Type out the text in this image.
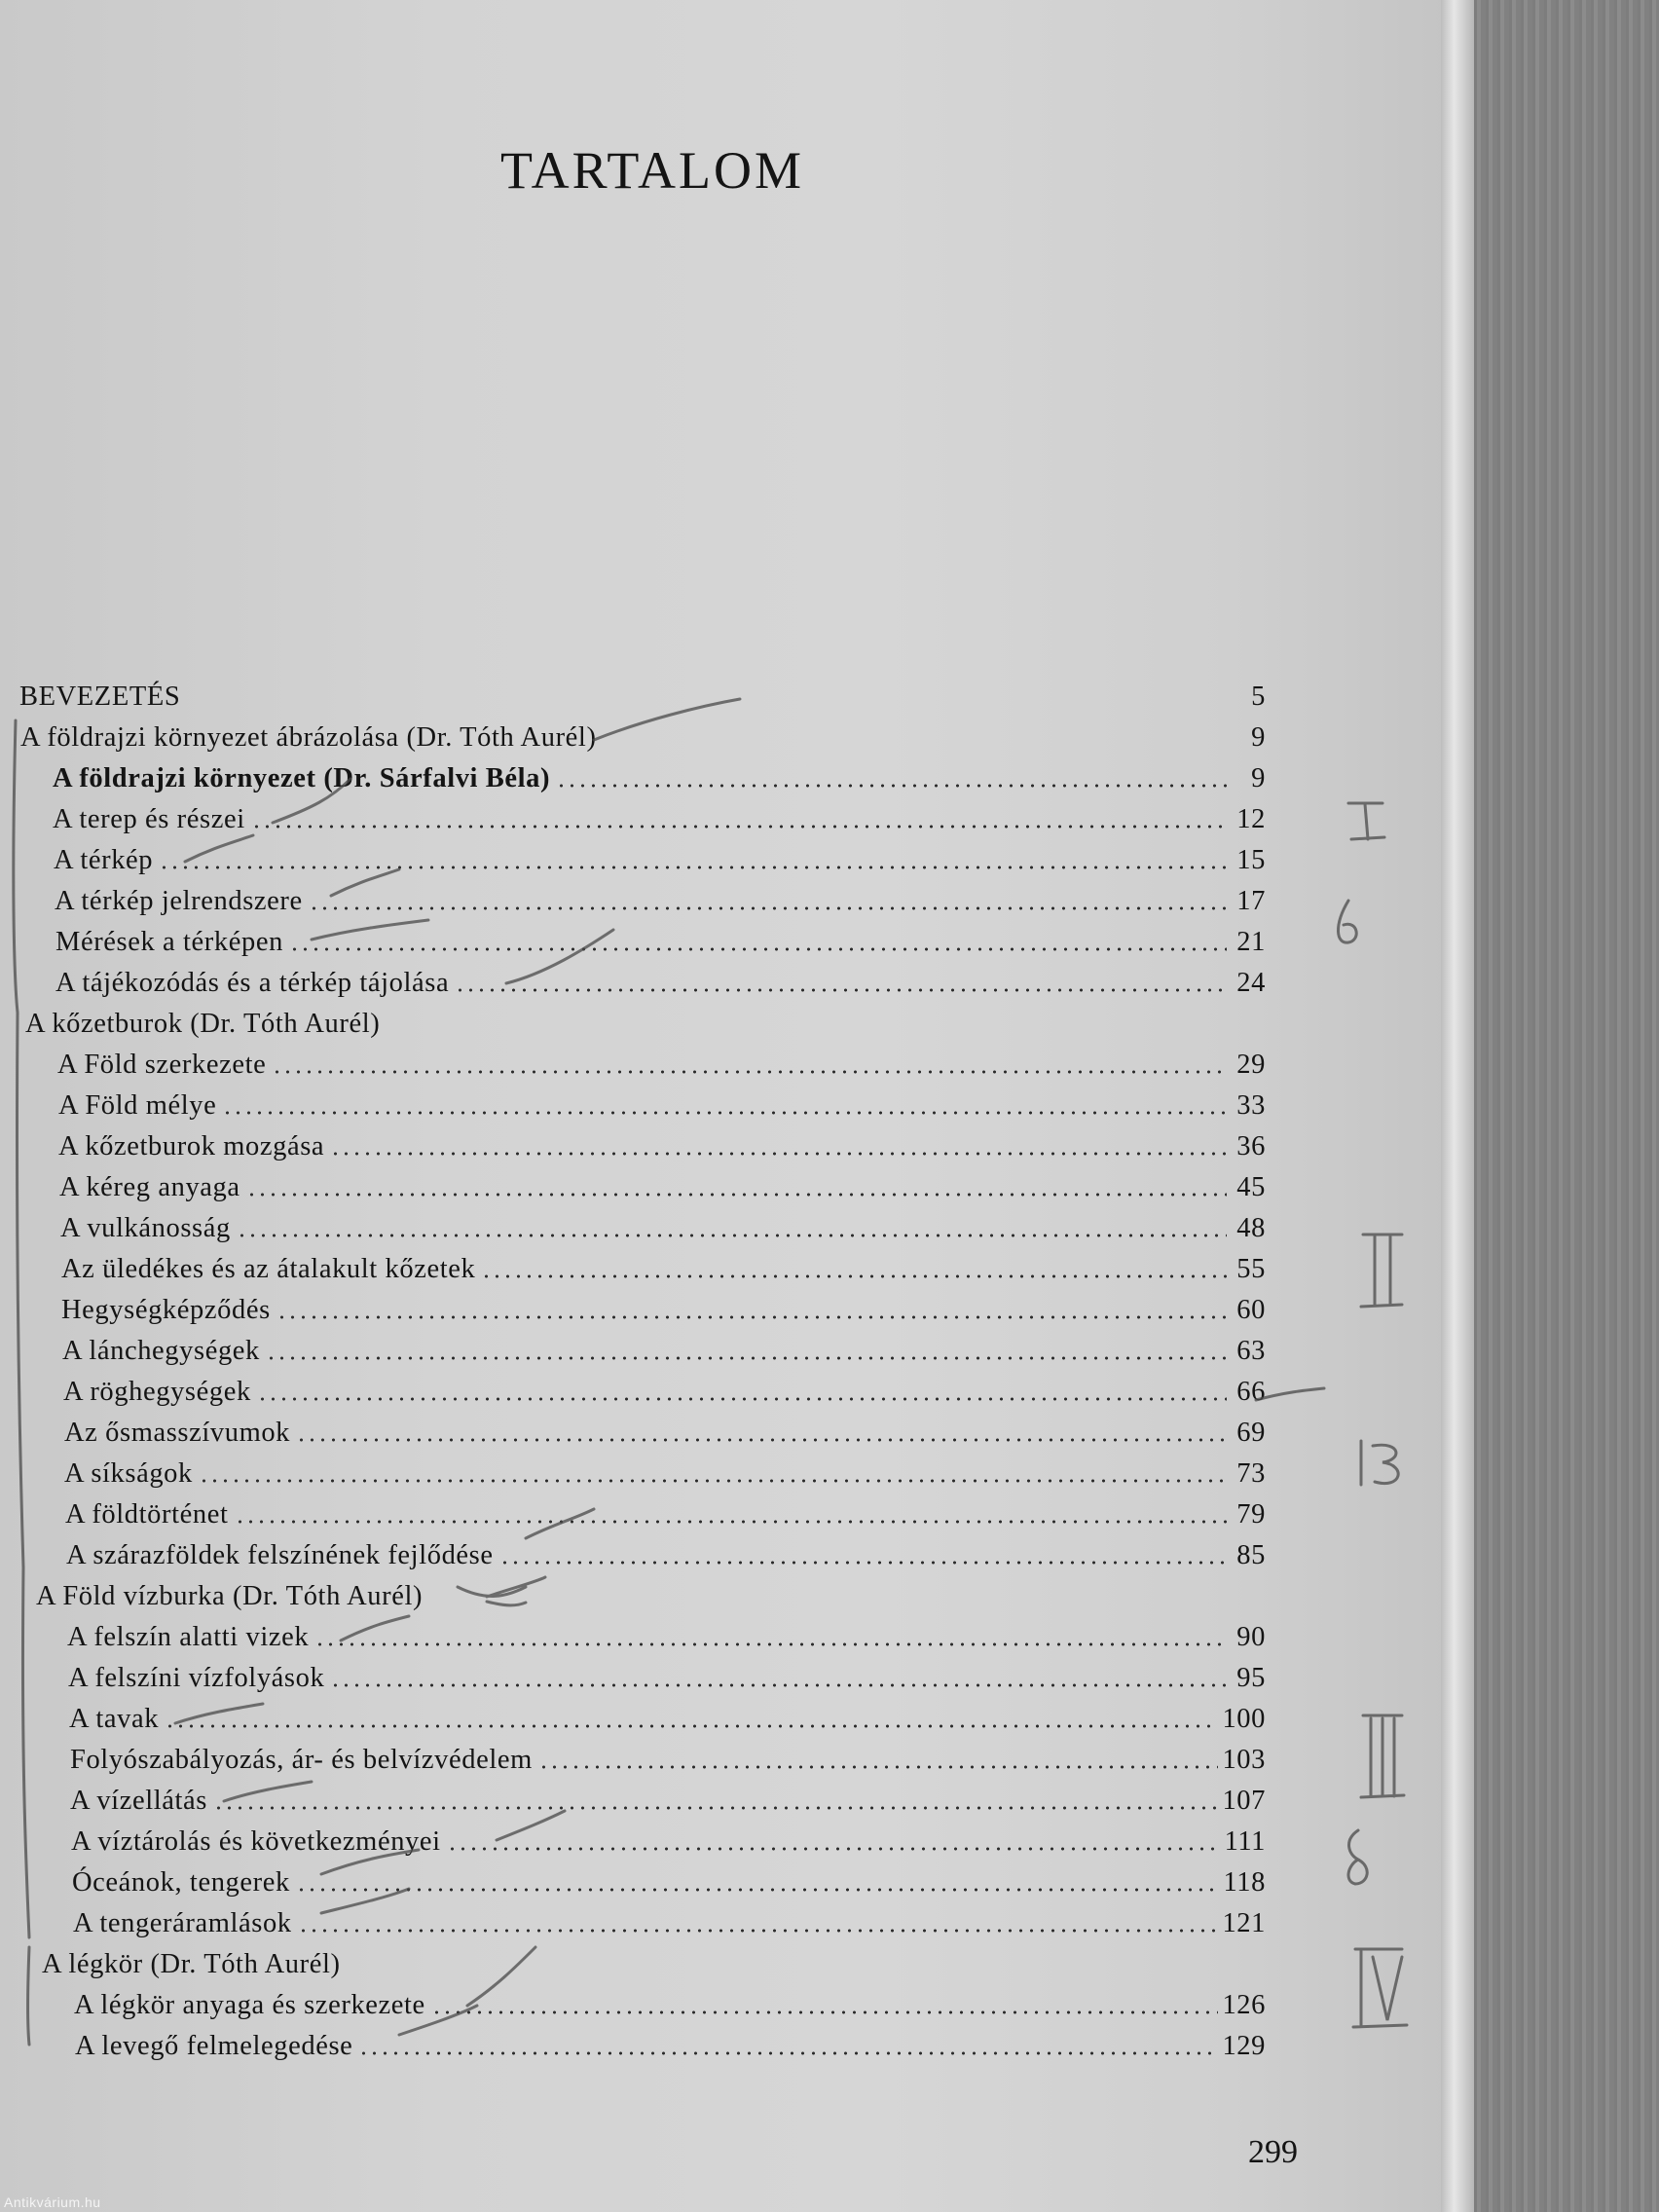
TARTALOM
BEVEZETÉS	5
A földrajzi környezet ábrázolása (Dr. Tóth Aurél)	9
A földrajzi környezet (Dr. Sárfalvi Béla)	9
A terep és részei	12
A térkép	15
A térkép jelrendszere	17
Mérések a térképen	21
A tájékozódás és a térkép tájolása	24
A kőzetburok (Dr. Tóth Aurél)
A Föld szerkezete	29
A Föld mélye	33
A kőzetburok mozgása	36
A kéreg anyaga	45
A vulkánosság	48
Az üledékes és az átalakult kőzetek	55
Hegységképződés	60
A lánchegységek	63
A röghegységek	66
Az ősmasszívumok	69
A síkságok	73
A földtörténet	79
A szárazföldek felszínének fejlődése	85
A Föld vízburka (Dr. Tóth Aurél)
A felszín alatti vizek	90
A felszíni vízfolyások	95
A tavak	100
Folyószabályozás, ár- és belvízvédelem	103
A vízellátás	107
A víztárolás és következményei	111
Óceánok, tengerek	118
A tengeráramlások	121
A légkör (Dr. Tóth Aurél)
A légkör anyaga és szerkezete	126
A levegő felmelegedése	129
299
Antikvárium.hu
